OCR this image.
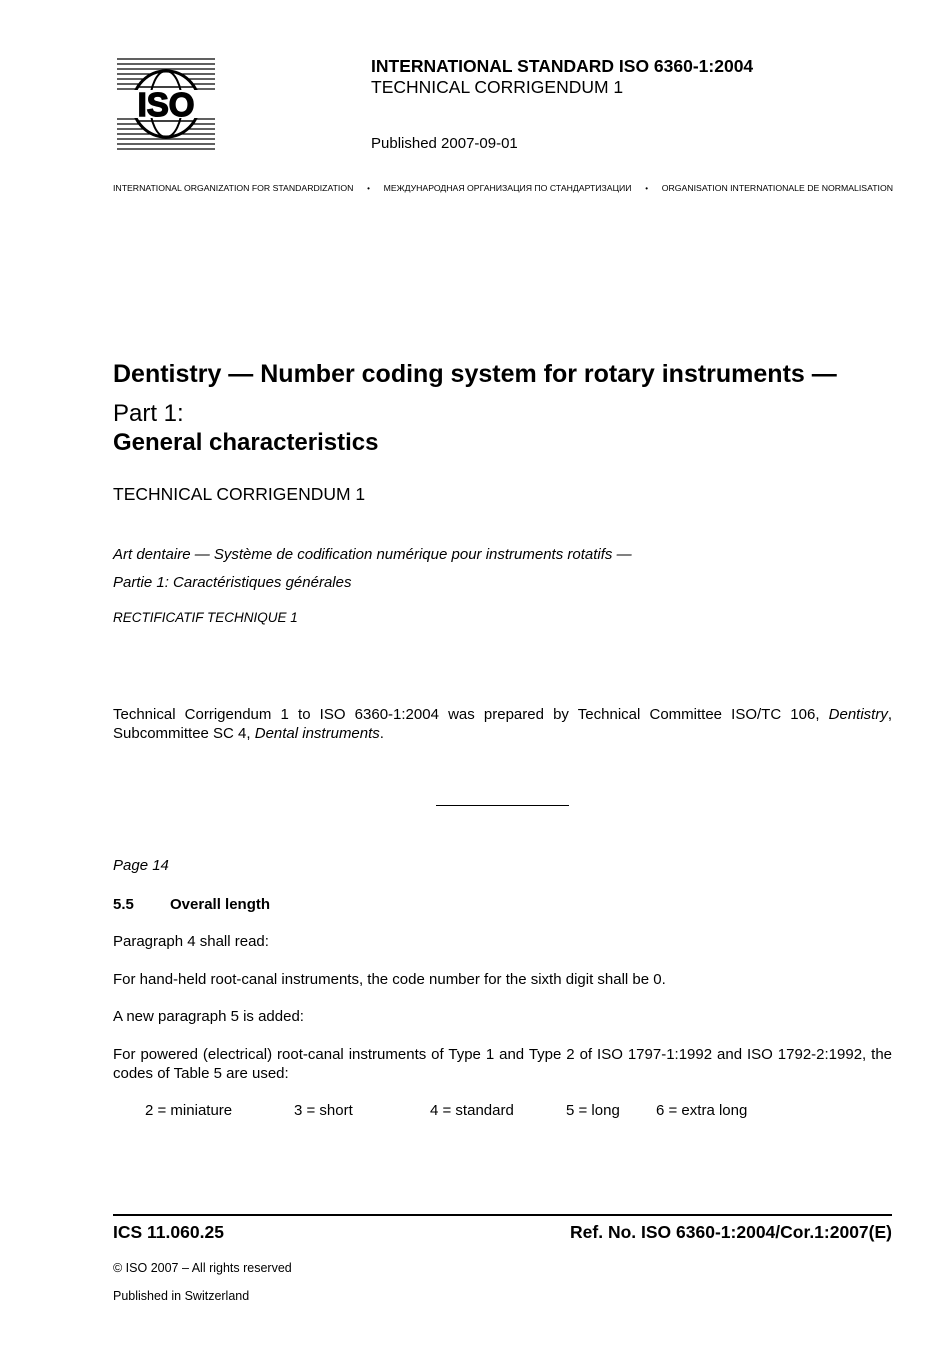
ISO
INTERNATIONAL STANDARD ISO 6360-1:2004
TECHNICAL CORRIGENDUM 1
Published 2007-09-01
INTERNATIONAL ORGANIZATION FOR STANDARDIZATION	•	МЕЖДУНАРОДНАЯ ОРГАНИЗАЦИЯ ПО СТАНДАРТИЗАЦИИ	•	ORGANISATION INTERNATIONALE DE NORMALISATION
Dentistry — Number coding system for rotary instruments —
Part 1:
General characteristics
TECHNICAL CORRIGENDUM 1
Art dentaire — Système de codification numérique pour instruments rotatifs —
Partie 1: Caractéristiques générales
RECTIFICATIF TECHNIQUE 1
Technical Corrigendum 1 to ISO 6360-1:2004 was prepared by Technical Committee ISO/TC 106, Dentistry, Subcommittee SC 4, Dental instruments.
Page 14
5.5 Overall length
Paragraph 4 shall read:
For hand-held root-canal instruments, the code number for the sixth digit shall be 0.
A new paragraph 5 is added:
For powered (electrical) root-canal instruments of Type 1 and Type 2 of ISO 1797-1:1992 and ISO 1792-2:1992, the codes of Table 5 are used:
2 = miniature	3 = short	4 = standard	5 = long 6 = extra long
ICS 11.060.25	Ref. No. ISO 6360-1:2004/Cor.1:2007(E)
© ISO 2007 – All rights reserved
Published in Switzerland
